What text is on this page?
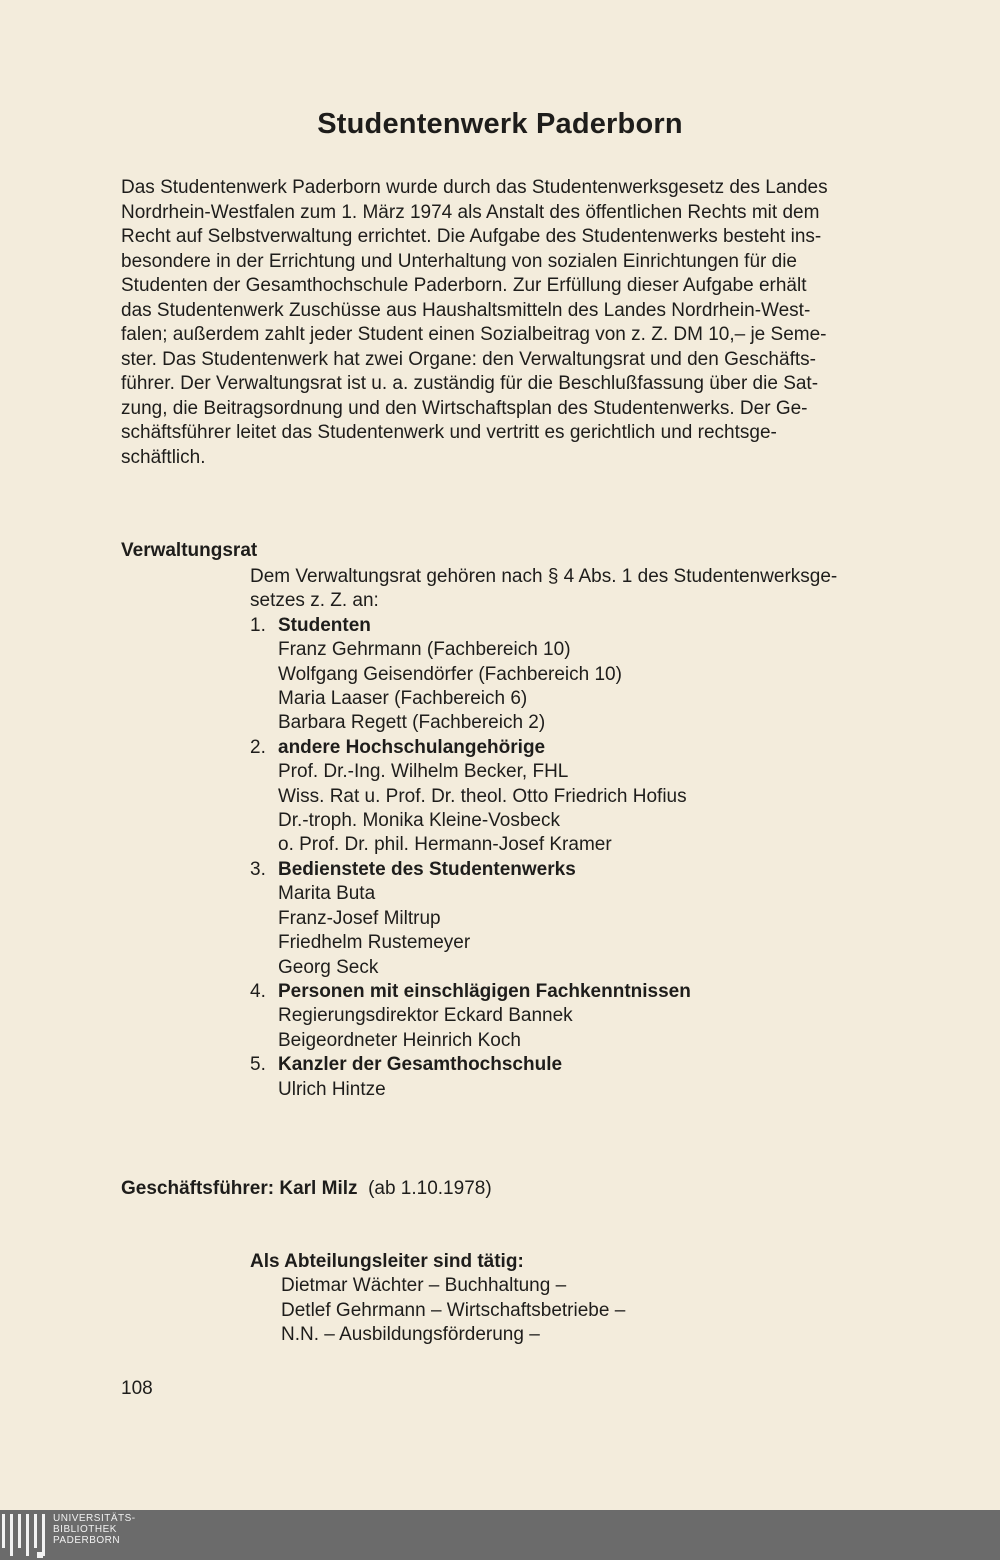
Studentenwerk Paderborn

Das Studentenwerk Paderborn wurde durch das Studentenwerksgesetz des Landes
Nordrhein-Westfalen zum 1. März 1974 als Anstalt des öffentlichen Rechts mit dem
Recht auf Selbstverwaltung errichtet. Die Aufgabe des Studentenwerks besteht ins-
besondere in der Errichtung und Unterhaltung von sozialen Einrichtungen für die
Studenten der Gesamthochschule Paderborn. Zur Erfüllung dieser Aufgabe erhält
das Studentenwerk Zuschüsse aus Haushaltsmitteln des Landes Nordrhein-West-
falen; außerdem zahlt jeder Student einen Sozialbeitrag von z. Z. DM 10,– je Seme-
ster. Das Studentenwerk hat zwei Organe: den Verwaltungsrat und den Geschäfts-
führer. Der Verwaltungsrat ist u. a. zuständig für die Beschlußfassung über die Sat-
zung, die Beitragsordnung und den Wirtschaftsplan des Studentenwerks. Der Ge-
schäftsführer leitet das Studentenwerk und vertritt es gerichtlich und rechtsge-
schäftlich.

Verwaltungsrat

Dem Verwaltungsrat gehören nach § 4 Abs. 1 des Studentenwerksge-
setzes z. Z. an:

1. Studenten
Franz Gehrmann (Fachbereich 10)
Wolfgang Geisendörfer (Fachbereich 10)
Maria Laaser (Fachbereich 6)
Barbara Regett (Fachbereich 2)
2. andere Hochschulangehörige
Prof. Dr.-Ing. Wilhelm Becker, FHL
Wiss. Rat u. Prof. Dr. theol. Otto Friedrich Hofius
Dr.-troph. Monika Kleine-Vosbeck
o. Prof. Dr. phil. Hermann-Josef Kramer
3. Bedienstete des Studentenwerks
Marita Buta
Franz-Josef Miltrup
Friedhelm Rustemeyer
Georg Seck
4. Personen mit einschlägigen Fachkenntnissen
Regierungsdirektor Eckard Bannek
Beigeordneter Heinrich Koch
5. Kanzler der Gesamthochschule
Ulrich Hintze

Geschäftsführer: Karl Milz (ab 1.10.1978)

Als Abteilungsleiter sind tätig:

Dietmar Wächter – Buchhaltung –
Detlef Gehrmann – Wirtschaftsbetriebe –
N.N. – Ausbildungsförderung –

108

UNIVERSITÄTS-
BIBLIOTHEK
PADERBORN
